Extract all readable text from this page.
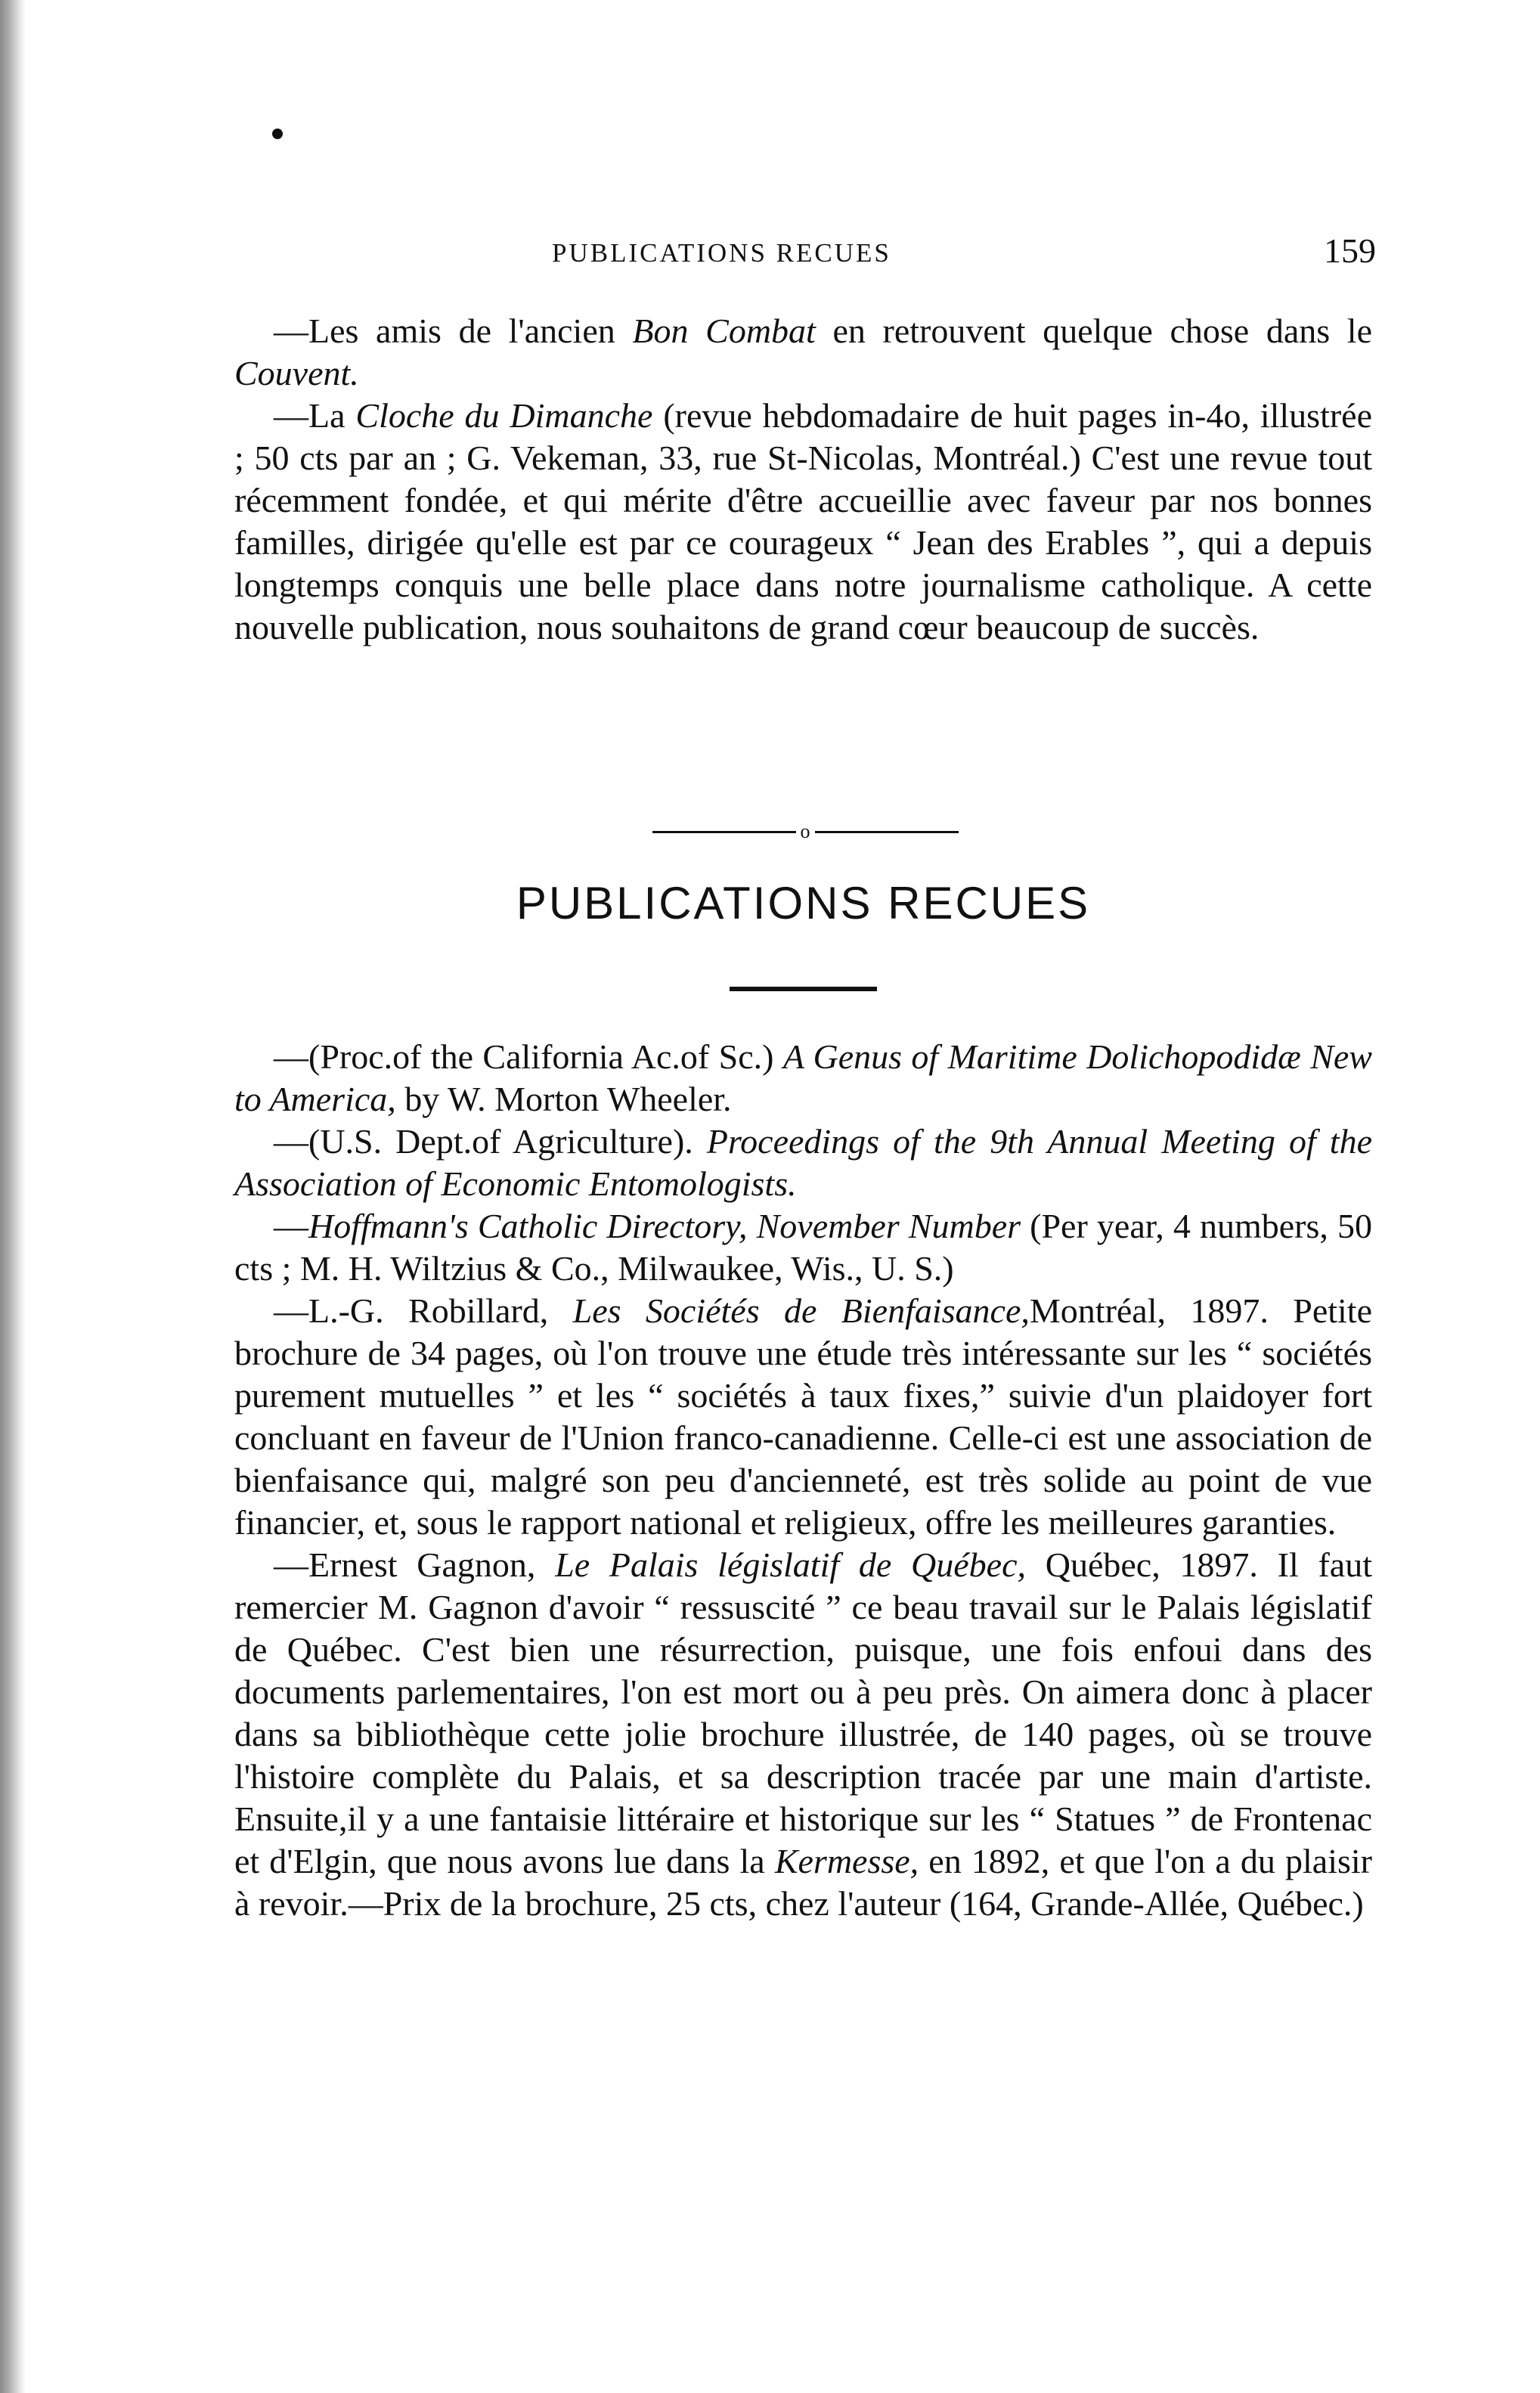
PUBLICATIONS RECUES	159

—Les amis de l'ancien Bon Combat en retrouvent quelque chose dans le Couvent.

—La Cloche du Dimanche (revue hebdomadaire de huit pages in-4o, illustrée ; 50 cts par an ; G. Vekeman, 33, rue St-Nicolas, Montréal.) C'est une revue tout récemment fondée, et qui mérite d'être accueillie avec faveur par nos bonnes familles, dirigée qu'elle est par ce courageux “ Jean des Erables ”, qui a depuis longtemps conquis une belle place dans notre journalisme catholique. A cette nouvelle publication, nous souhaitons de grand cœur beaucoup de succès.

o
PUBLICATIONS RECUES

—(Proc.of the California Ac.of Sc.) A Genus of Maritime Dolichopodidæ New to America, by W. Morton Wheeler.

—(U.S. Dept.of Agriculture). Proceedings of the 9th Annual Meeting of the Association of Economic Entomologists.

—Hoffmann's Catholic Directory, November Number (Per year, 4 numbers, 50 cts ; M. H. Wiltzius & Co., Milwaukee, Wis., U. S.)

—L.-G. Robillard, Les Sociétés de Bienfaisance,Montréal, 1897. Petite brochure de 34 pages, où l'on trouve une étude très intéressante sur les “ sociétés purement mutuelles ” et les “ sociétés à taux fixes,” suivie d'un plaidoyer fort concluant en faveur de l'Union franco-canadienne. Celle-ci est une association de bienfaisance qui, malgré son peu d'ancienneté, est très solide au point de vue financier, et, sous le rapport national et religieux, offre les meilleures garanties.

—Ernest Gagnon, Le Palais législatif de Québec, Québec, 1897. Il faut remercier M. Gagnon d'avoir “ ressuscité ” ce beau travail sur le Palais législatif de Québec. C'est bien une résurrection, puisque, une fois enfoui dans des documents parlementaires, l'on est mort ou à peu près. On aimera donc à placer dans sa bibliothèque cette jolie brochure illustrée, de 140 pages, où se trouve l'histoire complète du Palais, et sa description tracée par une main d'artiste. Ensuite,il y a une fantaisie littéraire et historique sur les “ Statues ” de Frontenac et d'Elgin, que nous avons lue dans la Kermesse, en 1892, et que l'on a du plaisir à revoir.—Prix de la brochure, 25 cts, chez l'auteur (164, Grande-Allée, Québec.)
